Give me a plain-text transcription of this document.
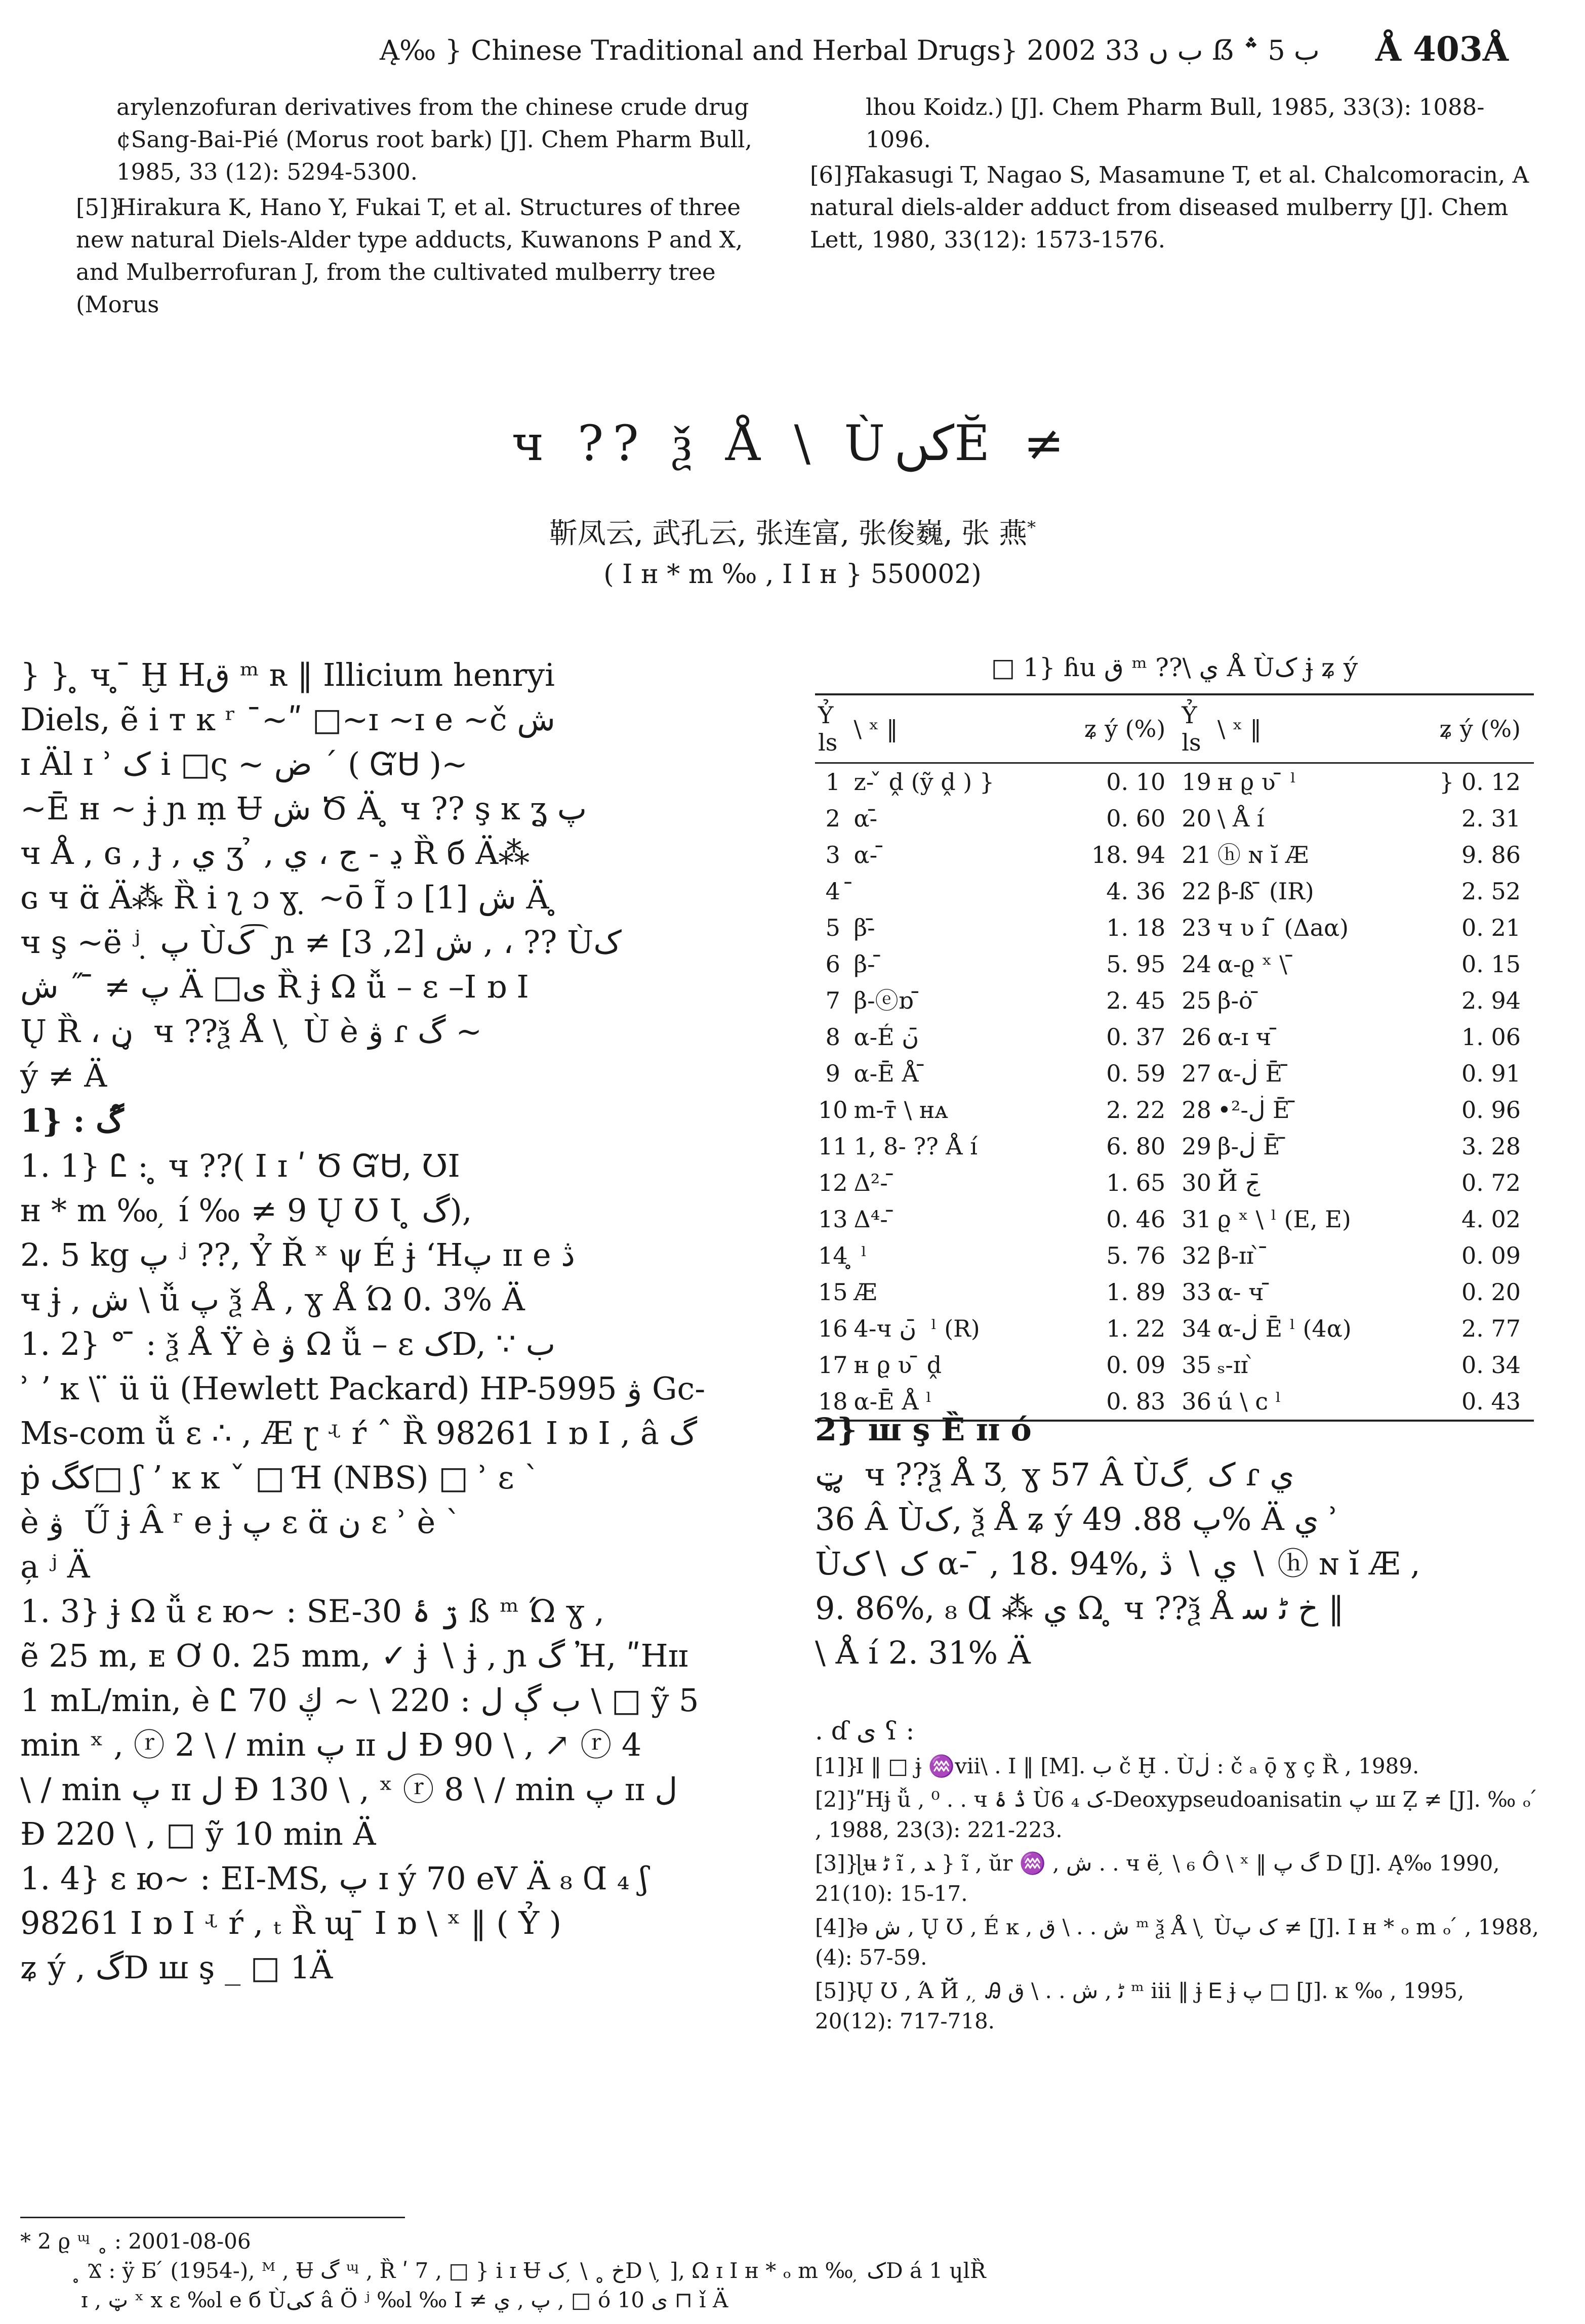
Ą‰ } Chinese Traditional and Herbal Drugs} 2002 ب ں 33 ẞ ب 5 ؞ Å 403Å
arylenzofuran derivatives from the chinese crude drug ¢Sang-Bai-Pié (Morus root bark) [J]. Chem Pharm Bull, 1985, 33 (12): 5294-5300.
[5]}Hirakura K, Hano Y, Fukai T, et al. Structures of three new natural Diels-Alder type adducts, Kuwanons P and X, and Mulberrofuran J, from the cultivated mulberry tree (Morus
lhou Koidz.) [J]. Chem Pharm Bull, 1985, 33(3): 1088-1096.
[6]}Takasugi T, Nagao S, Masamune T, et al. Chalcomoracin, A natural diels-alder adduct from diseased mulberry [J]. Chem Lett, 1980, 33(12): 1573-1576.
ч ?? ѯ Å \ ÙکںӖ ≠
靳凤云, 武孔云, 张连富, 张俊巍, 张 燕*
( I н * m ‰ , I I н } 550002)
} } ̥ ч ̥ ̄ Ḫ Hق ᵐ ʀ ‖ Illicium henryi
Diels, ẽ i ᴛ ĸ ʳ ¯~ʺ □~ɪ ~ɪ e ~č ش
ɪ Äl ɪ ʾ ک i □ς ~ ض ´ ( ᏳᏌ )~
~Ē ʜ ~ ɉ ɲ ṃ Ʉ ش Ծ Ä ̥ ч ?? ş ĸ ʓ پ
ч Å , ɢ , ɟ , ي ʒ ̉ , ڍ - ج ، ي Ȑ б Ä⁂
ɢ ч ɑ̈ Ä⁂ Ȑ i ʅ ɔ ɣ ̣ ~ō Ĩ ɔ ش [1] Ä ̥
ч ş ~ë ʲ ̣ پ Ùک ͡ ɲ ≠ ش [2, 3] , ، ?? Ùک
پ ≠ ̄ ˝ ش Ä □ی Ȑ ɉ Ω ǚ – ɛ –Ι ɒ Ι
Ų Ȑ ، ن ̥ ч ??ѯ Å \ ̦ Ù è ۋ ɾ گ ~
ý ≠ Ä
1} : گ ̊
1. 1} Ꮭ : ̥ ч ??( I ɪ ʹ Ծ ᏳᏌ, ƱI
н * m ‰ ̦ í ‰ ≠ 9 Ų Ʊ Ɩ ̥ گ),
2. 5 kg پ ʲ ??, Ỷ Ř ˣ ψ É ɉ ʻHپ ɪɪ e ڎ
ч ɉ , ش \ ǚ پ ѯ Å , ɣ Å Ώ 0. 3% Ä
1. 2} ° ̄ : ѯ Å Ÿ è ۋ Ω ǚ – ɛ کD, ∵ ب
ʾ ʼ ĸ \ ̈ ü ü (Hewlett Packard) HP-5995 ۋ Gc-
Ms-com ǚ ɛ ∴ , Æ ɽ ʵ ŕ ˆ Ȑ 98261 Ι ɒ Ι , â گ
ṗ کگ□ ʃ ʼ ĸ ĸ ˇ □ Ɦ (NBS) □ ʾ ɛ `
è ۋ ̦ Ű ɉ Â ʳ e ɉ پ ɛ ɑ̈ ن ɛ ʾ è `
a̦ ʲ Ä
1. 3} ɉ Ω ǚ ɛ ю~ : SE-30 ڗ ۂ ß ᵐ Ώ ɣ ,
ẽ 25 m, ᴇ Ơ 0. 25 mm, ✓ ɉ ∖ ɉ , ɲ گ Ἠ, ʺHɪɪ
1 mL/min, è Ꮭ ب ڳ ل : 220 \ ~ ڮ 70 \ □ ỹ 5
min ˣ , ⓡ 2 \ / min پ ɪɪ ل Ð 90 \ , ↗ ⓡ 4
\ / min پ ɪɪ ل Ð 130 \ , ˣ ⓡ 8 \ / min پ ɪɪ ل
Ð 220 \ , □ ỹ 10 min Ä
1. 4} ɛ ю~ : EI-MS, پ ɪ ý 70 eV Ä ₈ Ɑ ₄ ʃ
98261 Ι ɒ Ι ʵ ŕ , ₜ Ȑ ɰ ̄ Ι ɒ \ ˣ ‖ ( Ỷ )
ʑ ý , گD ꟺ ş _ □ 1Ä
□ 1} ɦu ق ᵐ ??\ ي Å Ùک ɉ ʑ ý
Ỷ ls	\ ˣ ‖	ʑ ý (%)	Ỷ ls	\ ˣ ‖	ʑ ý (%)
1	z- ̌ ḓ (ỹ ḓ ) }	0. 10	19	ʜ ϱ ʋ ̄ ˡ	} 0. 12
2	α-̄	0. 60	20	\ Å í	2. 31
3	α- ̄	18. 94	21	ⓗ ɴ ĭ Æ	9. 86
4		4. 36	22	β-ß ̄ (IR)	2. 52
5	β-̄	1. 18	23	ч ʋ í ̄ (Δaα)	0. 21
6	β- ̄	5. 95	24	α-ϱ ˣ \ ̄	0. 15
7	β-ⓔɒ ̄	2. 45	25	β-ȯ ̄	2. 94
8	α-É ن ̄	0. 37	26	α-ɪ ч ̄	1. 06
9	α-Ē Å ̄	0. 59	27	α-ڶ Ē ̄	0. 91
10	m-ᴛ̄ \ ʜᴀ	2. 22	28	•²-ڶ Ē ̄	0. 96
11	1, 8- ?? Å í	6. 80	29	β-ڶ Ē ̄	3. 28
12	Δ²- ̄	1. 65	30	Й ج ̄	0. 72
13	Δ⁴- ̄	0. 46	31	ϱ ˣ \ ˡ (E, E)	4. 02
14	̥ ˡ	5. 76	32	β-ɪɪ ̀ ̄	0. 09
15	Æ	1. 89	33	α- ч ̄	0. 20
16	4-ч ن ̄ ˡ (R)	1. 22	34	α-ڶ Ē ˡ (4α)	2. 77
17	ʜ ϱ ʋ ̄ ḓ	0. 09	35	ₛ-ɪɪ ̀	0. 34
18	α-Ē Å ˡ	0. 83	36	ú \ ᴄ ˡ	0. 43
2} ꟺ ş Ȅ ɪɪ ó
ټ ̥ ч ??ѯ Å Ʒ ̦ ɣ 57 Â Ùک ̦ گ ɾ ي
36 Â Ùک, ѯ Å ʑ ý پ 88. 49% Ä ي ʾ
Ùک ∖ک α- ̄ , 18. 94%, ي ∖ ڎ ∖ ⓗ ɴ ĭ Æ ,
9. 86%, ₈ Ɑ ⁂ ي Ω ̥ ч ??ѯ Å خ ﮢ ﺳ ‖
\ Å í 2. 31% Ä
. ɗ ی ʕ :
[1]}I ‖ □ ɉ ♒vii\ . I ‖ [M]. ب č Ḫ . Ùڶ : č ₐ ǭ ɣ ç Ȑ , 1989.
[2]}ʺHɉ ǚ , ⁰ . . ч ڎ ۂ Ùک ₄ 6-Deoxypseudoanisatin پ ꟺ Ẓ ≠ [J]. ‰ ₒ ́ , 1988, 23(3): 221-223.
[3]}ɭʉ ﮢ ĩ , ﺪ } ĩ , ŭr ♒ , ش . . ч ë ̦ \ ₆ Ô \ ˣ ‖ گ پ D [J]. Ą‰ 1990, 21(10): 15-17.
[4]}ə ش , Ų Ʊ , É ĸ , ش . . \ ق ᵐ ѯ Å \ ̦ Ùک پ ≠ [J]. I н * ₒ m ₒ ́ , 1988, (4): 57-59.
[5]}Ų Ʊ , Ά Й , ̦ Ꭿ ﮢ , ش . . \ ق ᵐ iii ‖ ɉ Ꭼ ɉ پ □ [J]. ĸ ‰ , 1995, 20(12): 717-718.
* 2 ϱ ᶭ ˳ : 2001-08-06
̥ Ϫ : ÿ Б ́ (1954-), ᴹ , Ʉ گ ᶭ , Ȑ ʹ 7 , □ } i ɪ Ʉ خ ˳ \ ̦ کD \ ̦ ]‚ Ω ɪ I н * ₒ m ‰ ̦ کD á 1 ɥlȐ
ɪ , ټ ˣ x ɛ ‰l e б Ùکی â Ö ʲ ‰l ‰ Ι ≠ پ , ي , □ ó ی 10 ⊓ ǐ Ä
